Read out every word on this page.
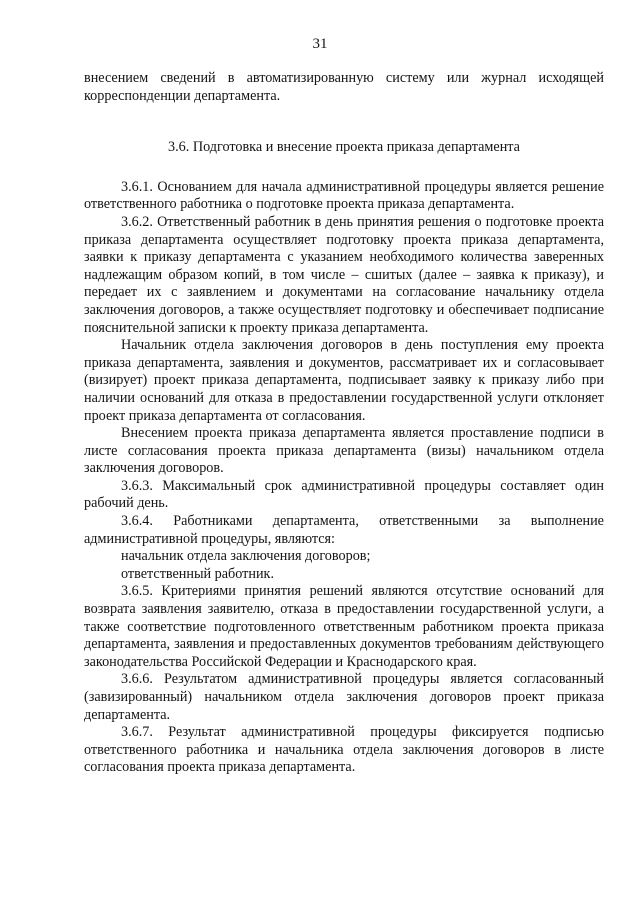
31

внесением сведений в автоматизированную систему или журнал исходящей корреспонденции департамента.

3.6. Подготовка и внесение проекта приказа департамента

3.6.1. Основанием для начала административной процедуры является решение ответственного работника о подготовке проекта приказа департамента.

3.6.2. Ответственный работник в день принятия решения о подготовке проекта приказа департамента осуществляет подготовку проекта приказа департамента, заявки к приказу департамента с указанием необходимого количества заверенных надлежащим образом копий, в том числе – сшитых (далее – заявка к приказу), и передает их с заявлением и документами на согласование начальнику отдела заключения договоров, а также осуществляет подготовку и обеспечивает подписание пояснительной записки к проекту приказа департамента.

Начальник отдела заключения договоров в день поступления ему проекта приказа департамента, заявления и документов, рассматривает их и согласовывает (визирует) проект приказа департамента, подписывает заявку к приказу либо при наличии оснований для отказа в предоставлении государственной услуги отклоняет проект приказа департамента от согласования.

Внесением проекта приказа департамента является проставление подписи в листе согласования проекта приказа департамента (визы) начальником отдела заключения договоров.

3.6.3. Максимальный срок административной процедуры составляет один рабочий день.

3.6.4. Работниками департамента, ответственными за выполнение административной процедуры, являются:

начальник отдела заключения договоров;

ответственный работник.

3.6.5. Критериями принятия решений являются отсутствие оснований для возврата заявления заявителю, отказа в предоставлении государственной услуги, а также соответствие подготовленного ответственным работником проекта приказа департамента, заявления и предоставленных документов требованиям действующего законодательства Российской Федерации и Краснодарского края.

3.6.6. Результатом административной процедуры является согласованный (завизированный) начальником отдела заключения договоров проект приказа департамента.

3.6.7. Результат административной процедуры фиксируется подписью ответственного работника и начальника отдела заключения договоров в листе согласования проекта приказа департамента.
